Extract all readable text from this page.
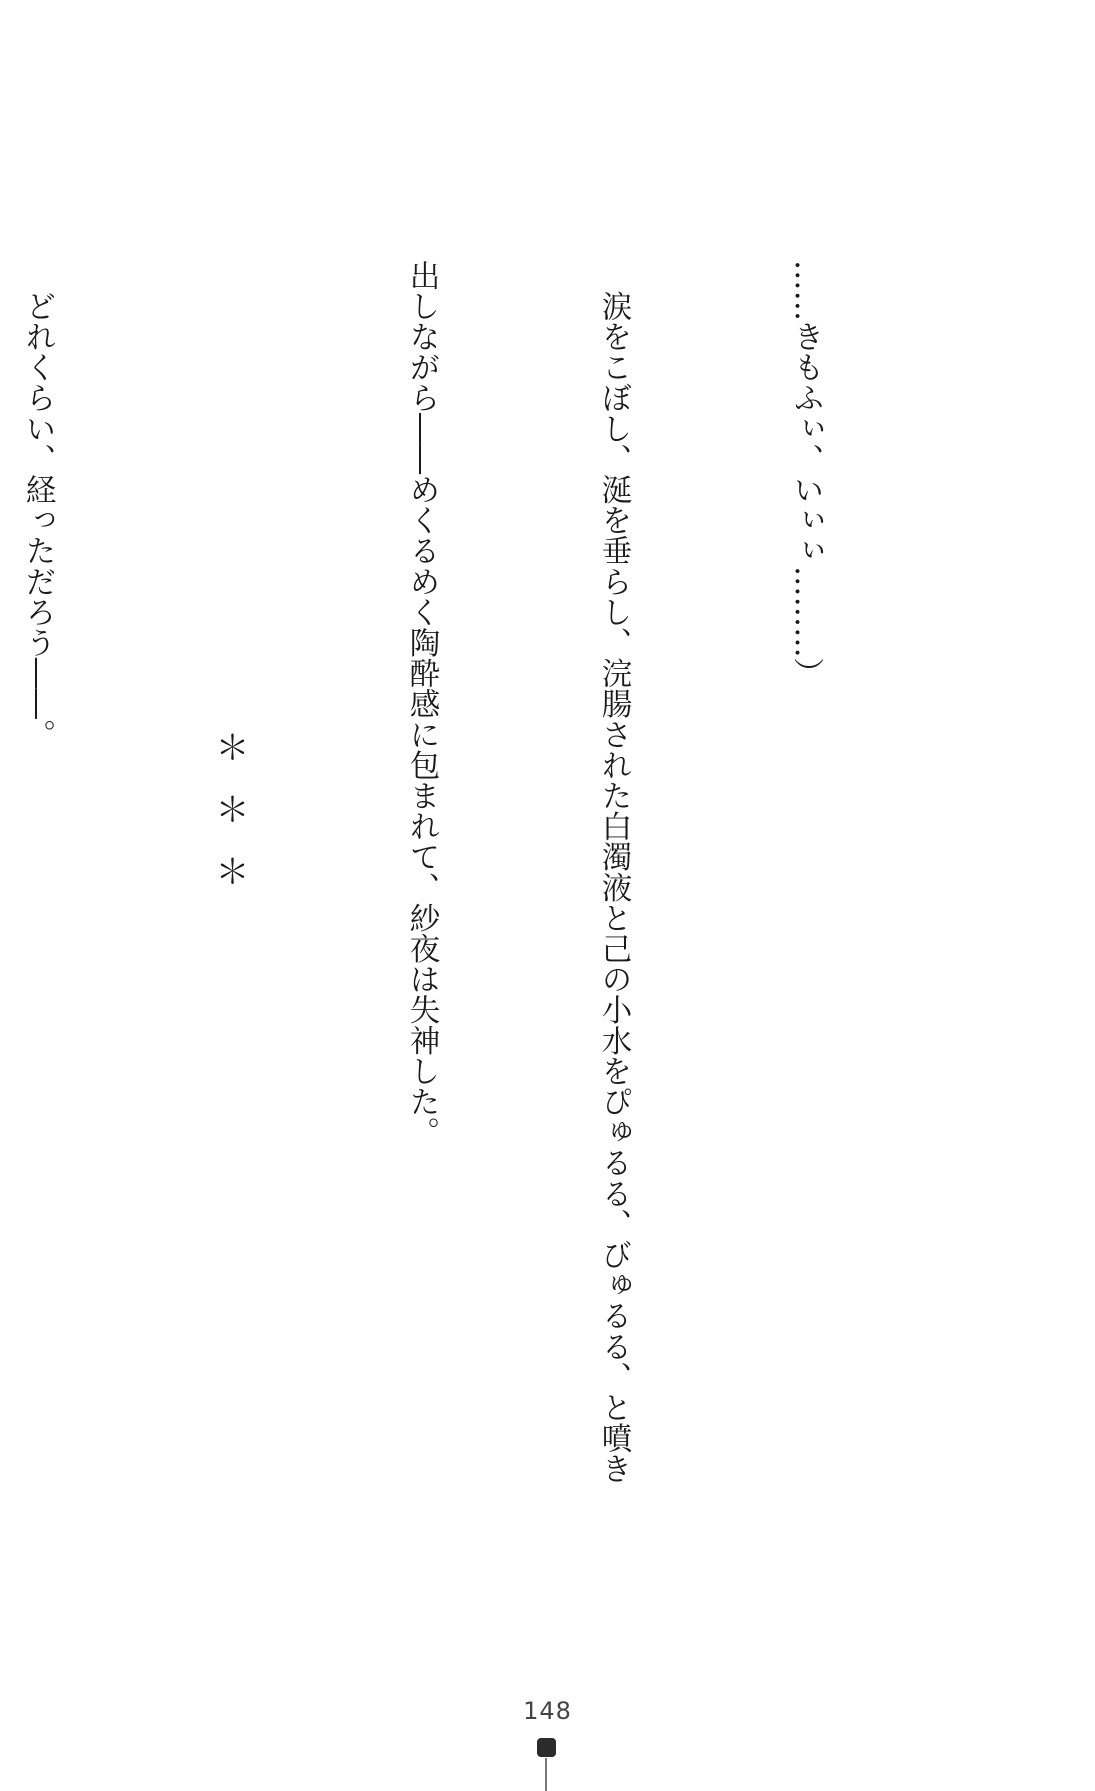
……きもふぃ、いぃぃ………）

　涙をこぼし、涎を垂らし、浣腸された白濁液と己の小水をぴゅるる、びゅるる、と噴き

出しながら――めくるめく陶酔感に包まれて、紗夜は失神した。

＊＊＊

　どれくらい、経っただろう――。

148
